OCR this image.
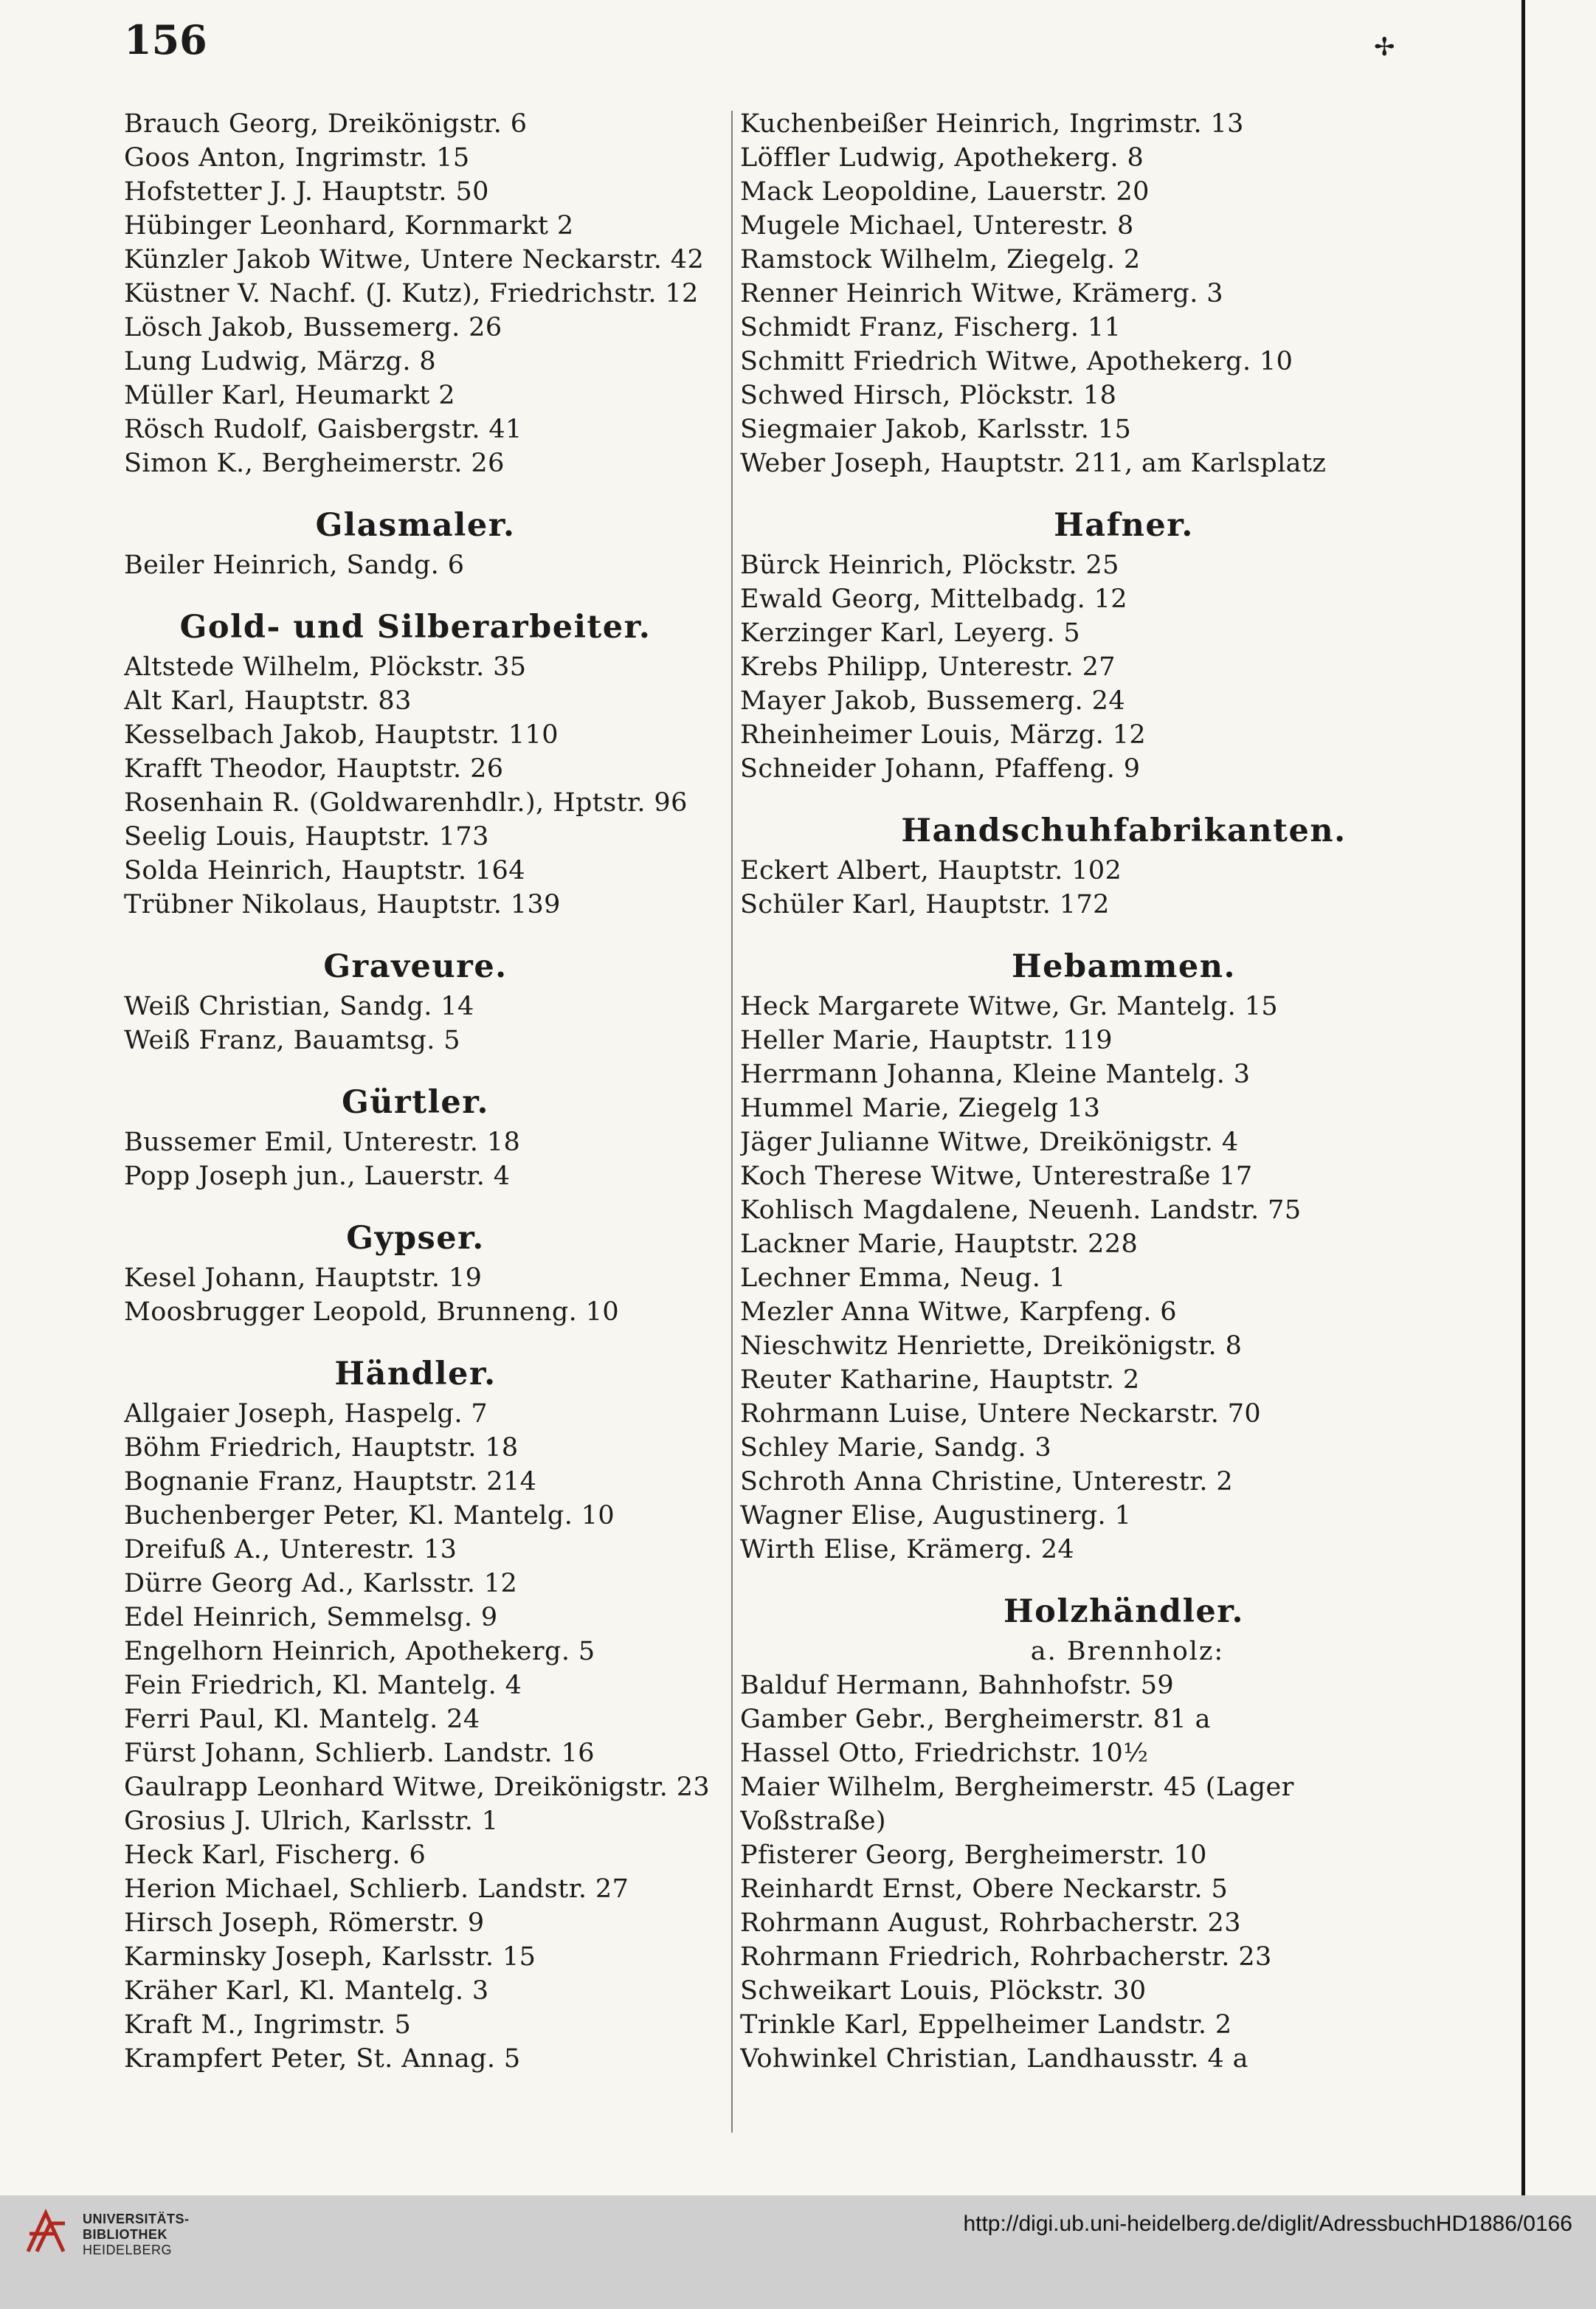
156	✢
Brauch Georg, Dreikönigstr. 6
Goos Anton, Ingrimstr. 15
Hofstetter J. J. Hauptstr. 50
Hübinger Leonhard, Kornmarkt 2
Künzler Jakob Witwe, Untere Neckarstr. 42
Küstner V. Nachf. (J. Kutz), Friedrichstr. 12
Lösch Jakob, Bussemerg. 26
Lung Ludwig, Märzg. 8
Müller Karl, Heumarkt 2
Rösch Rudolf, Gaisbergstr. 41
Simon K., Bergheimerstr. 26
Glasmaler.
Beiler Heinrich, Sandg. 6
Gold- und Silberarbeiter.
Altstede Wilhelm, Plöckstr. 35
Alt Karl, Hauptstr. 83
Kesselbach Jakob, Hauptstr. 110
Krafft Theodor, Hauptstr. 26
Rosenhain R. (Goldwarenhdlr.), Hptstr. 96
Seelig Louis, Hauptstr. 173
Solda Heinrich, Hauptstr. 164
Trübner Nikolaus, Hauptstr. 139
Graveure.
Weiß Christian, Sandg. 14
Weiß Franz, Bauamtsg. 5
Gürtler.
Bussemer Emil, Unterestr. 18
Popp Joseph jun., Lauerstr. 4
Gypser.
Kesel Johann, Hauptstr. 19
Moosbrugger Leopold, Brunneng. 10
Händler.
Allgaier Joseph, Haspelg. 7
Böhm Friedrich, Hauptstr. 18
Bognanie Franz, Hauptstr. 214
Buchenberger Peter, Kl. Mantelg. 10
Dreifuß A., Unterestr. 13
Dürre Georg Ad., Karlsstr. 12
Edel Heinrich, Semmelsg. 9
Engelhorn Heinrich, Apothekerg. 5
Fein Friedrich, Kl. Mantelg. 4
Ferri Paul, Kl. Mantelg. 24
Fürst Johann, Schlierb. Landstr. 16
Gaulrapp Leonhard Witwe, Dreikönigstr. 23
Grosius J. Ulrich, Karlsstr. 1
Heck Karl, Fischerg. 6
Herion Michael, Schlierb. Landstr. 27
Hirsch Joseph, Römerstr. 9
Karminsky Joseph, Karlsstr. 15
Kräher Karl, Kl. Mantelg. 3
Kraft M., Ingrimstr. 5
Krampfert Peter, St. Annag. 5
Kuchenbeißer Heinrich, Ingrimstr. 13
Löffler Ludwig, Apothekerg. 8
Mack Leopoldine, Lauerstr. 20
Mugele Michael, Unterestr. 8
Ramstock Wilhelm, Ziegelg. 2
Renner Heinrich Witwe, Krämerg. 3
Schmidt Franz, Fischerg. 11
Schmitt Friedrich Witwe, Apothekerg. 10
Schwed Hirsch, Plöckstr. 18
Siegmaier Jakob, Karlsstr. 15
Weber Joseph, Hauptstr. 211, am Karlsplatz
Hafner.
Bürck Heinrich, Plöckstr. 25
Ewald Georg, Mittelbadg. 12
Kerzinger Karl, Leyerg. 5
Krebs Philipp, Unterestr. 27
Mayer Jakob, Bussemerg. 24
Rheinheimer Louis, Märzg. 12
Schneider Johann, Pfaffeng. 9
Handschuhfabrikanten.
Eckert Albert, Hauptstr. 102
Schüler Karl, Hauptstr. 172
Hebammen.
Heck Margarete Witwe, Gr. Mantelg. 15
Heller Marie, Hauptstr. 119
Herrmann Johanna, Kleine Mantelg. 3
Hummel Marie, Ziegelg 13
Jäger Julianne Witwe, Dreikönigstr. 4
Koch Therese Witwe, Unterestraße 17
Kohlisch Magdalene, Neuenh. Landstr. 75
Lackner Marie, Hauptstr. 228
Lechner Emma, Neug. 1
Mezler Anna Witwe, Karpfeng. 6
Nieschwitz Henriette, Dreikönigstr. 8
Reuter Katharine, Hauptstr. 2
Rohrmann Luise, Untere Neckarstr. 70
Schley Marie, Sandg. 3
Schroth Anna Christine, Unterestr. 2
Wagner Elise, Augustinerg. 1
Wirth Elise, Krämerg. 24
Holzhändler.
a. Brennholz:
Balduf Hermann, Bahnhofstr. 59
Gamber Gebr., Bergheimerstr. 81 a
Hassel Otto, Friedrichstr. 10½
Maier Wilhelm, Bergheimerstr. 45 (Lager
Voßstraße)
Pfisterer Georg, Bergheimerstr. 10
Reinhardt Ernst, Obere Neckarstr. 5
Rohrmann August, Rohrbacherstr. 23
Rohrmann Friedrich, Rohrbacherstr. 23
Schweikart Louis, Plöckstr. 30
Trinkle Karl, Eppelheimer Landstr. 2
Vohwinkel Christian, Landhausstr. 4 a
UNIVERSITÄTS-
BIBLIOTHEK
HEIDELBERG
http://digi.ub.uni-heidelberg.de/diglit/AdressbuchHD1886/0166
